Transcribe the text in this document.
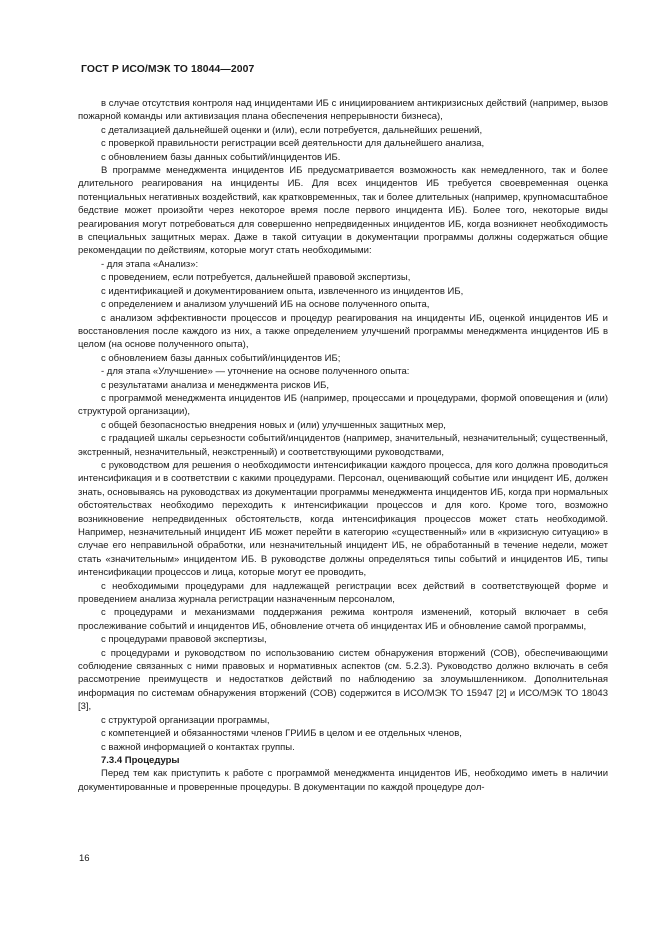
ГОСТ Р ИСО/МЭК ТО 18044—2007

в случае отсутствия контроля над инцидентами ИБ с инициированием антикризисных действий (например, вызов пожарной команды или активизация плана обеспечения непрерывности бизнеса),

с детализацией дальнейшей оценки и (или), если потребуется, дальнейших решений,

с проверкой правильности регистрации всей деятельности для дальнейшего анализа,

с обновлением базы данных событий/инцидентов ИБ.

В программе менеджмента инцидентов ИБ предусматривается возможность как немедленного, так и более длительного реагирования на инциденты ИБ. Для всех инцидентов ИБ требуется своевременная оценка потенциальных негативных воздействий, как кратковременных, так и более длительных (например, крупномасштабное бедствие может произойти через некоторое время после первого инцидента ИБ). Более того, некоторые виды реагирования могут потребоваться для совершенно непредвиденных инцидентов ИБ, когда возникнет необходимость в специальных защитных мерах. Даже в такой ситуации в документации программы должны содержаться общие рекомендации по действиям, которые могут стать необходимыми:

- для этапа «Анализ»:

с проведением, если потребуется, дальнейшей правовой экспертизы,

с идентификацией и документированием опыта, извлеченного из инцидентов ИБ,

с определением и анализом улучшений ИБ на основе полученного опыта,

с анализом эффективности процессов и процедур реагирования на инциденты ИБ, оценкой инцидентов ИБ и восстановления после каждого из них, а также определением улучшений программы менеджмента инцидентов ИБ в целом (на основе полученного опыта),

с обновлением базы данных событий/инцидентов ИБ;

- для этапа «Улучшение» — уточнение на основе полученного опыта:

с результатами анализа и менеджмента рисков ИБ,

с программой менеджмента инцидентов ИБ (например, процессами и процедурами, формой оповещения и (или) структурой организации),

с общей безопасностью внедрения новых и (или) улучшенных защитных мер,

с градацией шкалы серьезности событий/инцидентов (например, значительный, незначительный; существенный, экстренный, незначительный, неэкстренный) и соответствующими руководствами,

с руководством для решения о необходимости интенсификации каждого процесса, для кого должна проводиться интенсификация и в соответствии с какими процедурами. Персонал, оценивающий событие или инцидент ИБ, должен знать, основываясь на руководствах из документации программы менеджмента инцидентов ИБ, когда при нормальных обстоятельствах необходимо переходить к интенсификации процессов и для кого. Кроме того, возможно возникновение непредвиденных обстоятельств, когда интенсификация процессов может стать необходимой. Например, незначительный инцидент ИБ может перейти в категорию «существенный» или в «кризисную ситуацию» в случае его неправильной обработки, или незначительный инцидент ИБ, не обработанный в течение недели, может стать «значительным» инцидентом ИБ. В руководстве должны определяться типы событий и инцидентов ИБ, типы интенсификации процессов и лица, которые могут ее проводить,

с необходимыми процедурами для надлежащей регистрации всех действий в соответствующей форме и проведением анализа журнала регистрации назначенным персоналом,

с процедурами и механизмами поддержания режима контроля изменений, который включает в себя прослеживание событий и инцидентов ИБ, обновление отчета об инцидентах ИБ и обновление самой программы,

с процедурами правовой экспертизы,

с процедурами и руководством по использованию систем обнаружения вторжений (СОВ), обеспечивающими соблюдение связанных с ними правовых и нормативных аспектов (см. 5.2.3). Руководство должно включать в себя рассмотрение преимуществ и недостатков действий по наблюдению за злоумышленником. Дополнительная информация по системам обнаружения вторжений (СОВ) содержится в ИСО/МЭК ТО 15947 [2] и ИСО/МЭК ТО 18043 [3],

с структурой организации программы,

с компетенцией и обязанностями членов ГРИИБ в целом и ее отдельных членов,

с важной информацией о контактах группы.

7.3.4 Процедуры

Перед тем как приступить к работе с программой менеджмента инцидентов ИБ, необходимо иметь в наличии документированные и проверенные процедуры. В документации по каждой процедуре дол-

16
